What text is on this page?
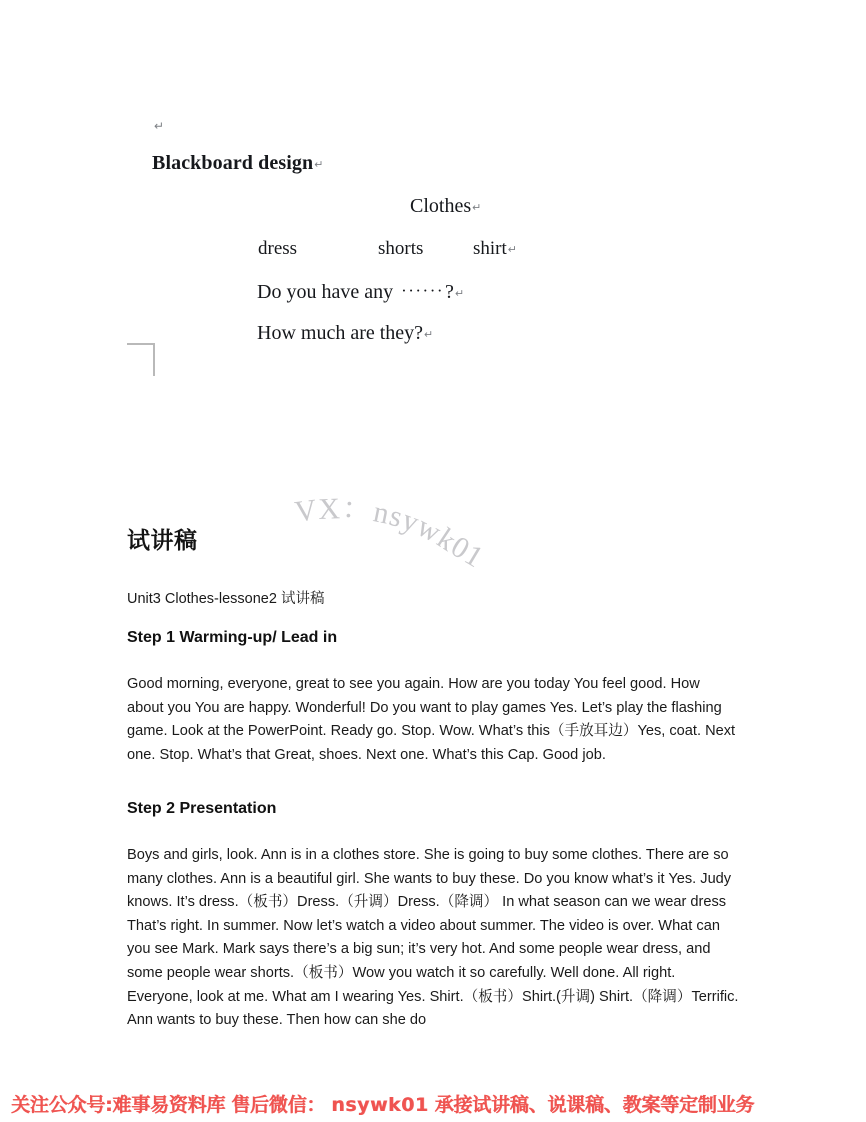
↵
Blackboard design↵
Clothes↵
dress	shorts	shirt↵
Do you have any ······?↵
How much are they?↵
VX：nsywk01
试讲稿
Unit3 Clothes-lessone2 试讲稿
Step 1 Warming-up/ Lead in
Good morning, everyone, great to see you again. How are you today You feel good. How about you You are happy. Wonderful! Do you want to play games Yes. Let’s play the flashing game. Look at the PowerPoint. Ready go. Stop. Wow. What’s this（手放耳边）Yes, coat. Next one. Stop. What’s that Great, shoes. Next one. What’s this Cap. Good job.
Step 2 Presentation
Boys and girls, look. Ann is in a clothes store. She is going to buy some clothes. There are so many clothes. Ann is a beautiful girl. She wants to buy these. Do you know what’s it Yes. Judy knows. It’s dress.（板书）Dress.（升调）Dress.（降调） In what season can we wear dress That’s right. In summer. Now let’s watch a video about summer. The video is over. What can you see Mark. Mark says there’s a big sun; it’s very hot. And some people wear dress, and some people wear shorts.（板书）Wow you watch it so carefully. Well done. All right. Everyone, look at me. What am I wearing Yes. Shirt.（板书）Shirt.(升调) Shirt.（降调）Terrific. Ann wants to buy these. Then how can she do
关注公众号:难事易资料库 售后微信： nsywk01 承接试讲稿、说课稿、教案等定制业务
